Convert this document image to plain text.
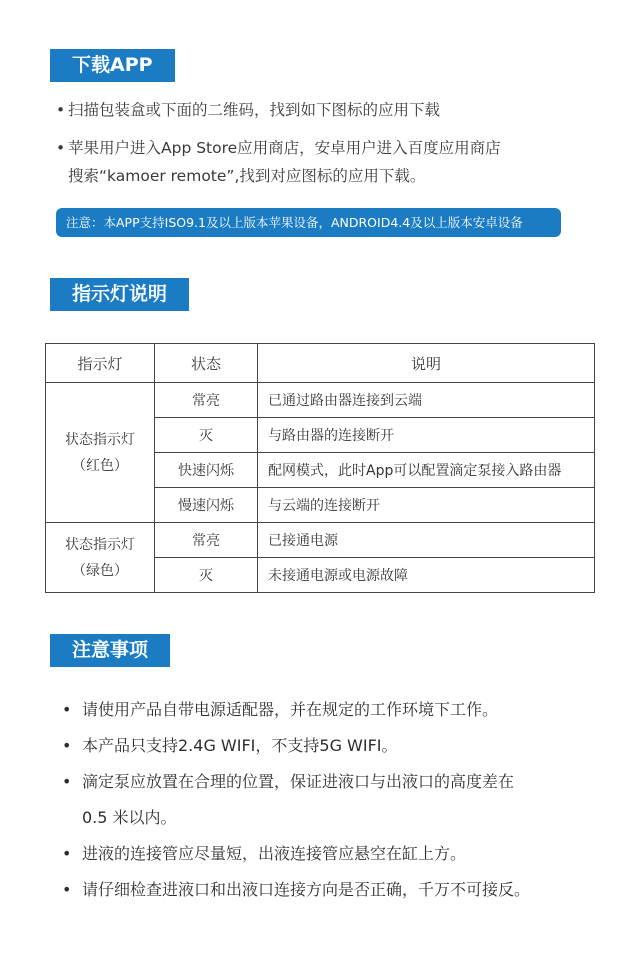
下载APP
• 扫描包装盒或下面的二维码，找到如下图标的应用下载
• 苹果用户进入App Store应用商店，安卓用户进入百度应用商店
搜索“kamoer remote”,找到对应图标的应用下载。
注意：本APP支持ISO9.1及以上版本苹果设备，ANDROID4.4及以上版本安卓设备
指示灯说明
指示灯	状态	说明
状态指示灯
（红色）	常亮	已通过路由器连接到云端
	灭	与路由器的连接断开
	快速闪烁	配网模式，此时App可以配置滴定泵接入路由器
	慢速闪烁	与云端的连接断开
状态指示灯
（绿色）	常亮	已接通电源
	灭	未接通电源或电源故障
注意事项
• 请使用产品自带电源适配器，并在规定的工作环境下工作。
• 本产品只支持2.4G WIFI，不支持5G WIFI。
• 滴定泵应放置在合理的位置，保证进液口与出液口的高度差在
0.5 米以内。
• 进液的连接管应尽量短，出液连接管应悬空在缸上方。
• 请仔细检查进液口和出液口连接方向是否正确，千万不可接反。
